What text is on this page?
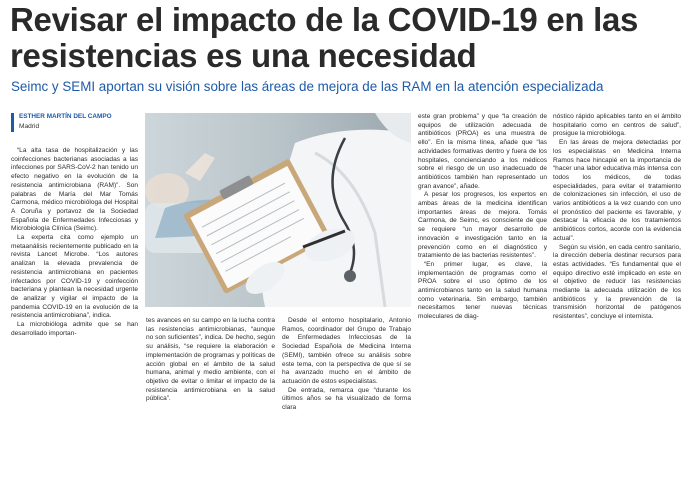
Revisar el impacto de la COVID-19 en las resistencias es una necesidad
Seimc y SEMI aportan su visión sobre las áreas de mejora de las RAM en la atención especializada
ESTHER MARTÍN DEL CAMPO
Madrid

“La alta tasa de hospitalización y las coinfecciones bacterianas asociadas a las infecciones por SARS-CoV-2 han tenido un efecto negativo en la evolución de la resistencia antimicrobiana (RAM)”. Son palabras de María del Mar Tomás Carmona, médico microbióloga del Hospital A Coruña y portavoz de la Sociedad Española de Enfermedades Infecciosas y Microbiología Clínica (Seimc).

La experta cita como ejemplo un metaanálisis recientemente publicado en la revista Lancet Microbe. “Los autores analizan la elevada prevalencia de resistencia antimicrobiana en pacientes infectados por COVID-19 y coinfección bacteriana y plantean la necesidad urgente de analizar y vigilar el impacto de la pandemia COVID-19 en la evolución de la resistencia antimicrobiana”, indica.

La microbióloga admite que se han desarrollado importan-

tes avances en su campo en la lucha contra las resistencias antimicrobianas, “aunque no son suficientes”, indica. De hecho, según su análisis, “se requiere la elaboración e implementación de programas y políticas de acción global en el ámbito de la salud humana, animal y medio ambiente, con el objetivo de evitar o limitar el impacto de la resistencia antimicrobiana en la salud pública”.

Desde el entorno hospitalario, Antonio Ramos, coordinador del Grupo de Trabajo de Enfermedades Infecciosas de la Sociedad Española de Medicina Interna (SEMI), también ofrece su análisis sobre este tema, con la perspectiva de que sí se ha avanzado mucho en el ámbito de actuación de estos especialistas.

De entrada, remarca que “durante los últimos años se ha visualizado de forma clara

este gran problema” y que “la creación de equipos de utilización adecuada de antibióticos (PROA) es una muestra de ello”. En la misma línea, añade que “las actividades formativas dentro y fuera de los hospitales, concienciando a los médicos sobre el riesgo de un uso inadecuado de antibióticos también han representado un gran avance”, añade.

A pesar los progresos, los expertos en ambas áreas de la medicina identifican importantes áreas de mejora. Tomás Carmona, de Seimc, es consciente de que se requiere “un mayor desarrollo de innovación e investigación tanto en la prevención como en el diagnóstico y tratamiento de las bacterias resistentes”.

“En primer lugar, es clave, la implementación de programas como el PROA sobre el uso óptimo de los antimicrobianos tanto en la salud humana como veterinaria. Sin embargo, también necesitamos tener nuevas técnicas moleculares de diag-

nóstico rápido aplicables tanto en el ámbito hospitalario como en centros de salud”, prosigue la microbióloga.

En las áreas de mejora detectadas por los especialistas en Medicina Interna Ramos hace hincapié en la importancia de “hacer una labor educativa más intensa con todos los médicos, de todas especialidades, para evitar el tratamiento de colonizaciones sin infección, el uso de varios antibióticos a la vez cuando con uno el pronóstico del paciente es favorable, y destacar la eficacia de los tratamientos antibióticos cortos, acorde con la evidencia actual”.

Según su visión, en cada centro sanitario, la dirección debería destinar recursos para estas actividades. “Es fundamental que el equipo directivo esté implicado en este en el objetivo de reducir las resistencias mediante la adecuada utilización de los antibióticos y la prevención de la transmisión horizontal de patógenos resistentes”, concluye el internista.
